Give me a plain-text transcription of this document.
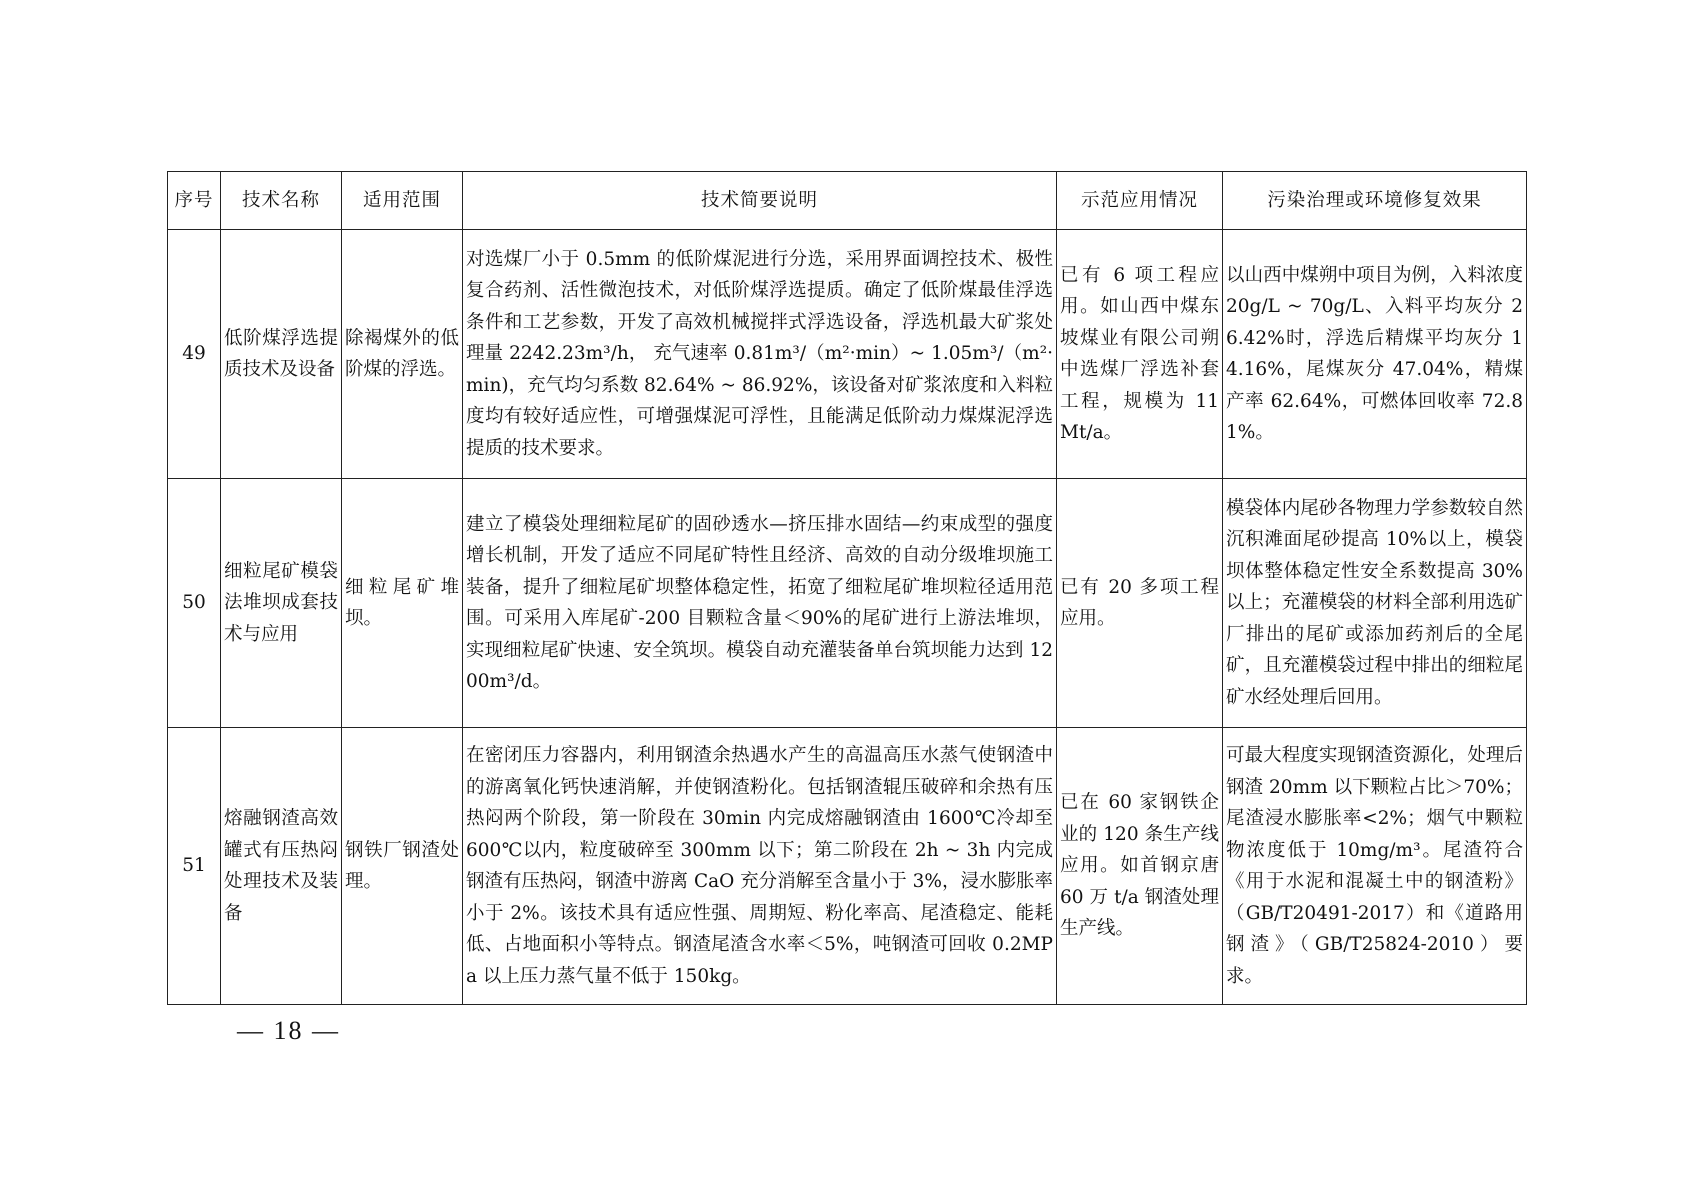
序号	技术名称	适用范围	技术简要说明	示范应用情况	污染治理或环境修复效果
49	低阶煤浮选提质技术及设备	除褐煤外的低阶煤的浮选。	对选煤厂小于 0.5mm 的低阶煤泥进行分选，采用界面调控技术、极性复合药剂、活性微泡技术，对低阶煤浮选提质。确定了低阶煤最佳浮选条件和工艺参数，开发了高效机械搅拌式浮选设备，浮选机最大矿浆处理量 2242.23m³/h， 充气速率 0.81m³/（m²·min）~ 1.05m³/（m²·min)，充气均匀系数 82.64% ~ 86.92%，该设备对矿浆浓度和入料粒度均有较好适应性，可增强煤泥可浮性，且能满足低阶动力煤煤泥浮选提质的技术要求。	已有 6 项工程应用。如山西中煤东坡煤业有限公司朔中选煤厂浮选补套工程，规模为 11Mt/a。	以山西中煤朔中项目为例，入料浓度 20g/L ~ 70g/L、入料平均灰分 26.42%时，浮选后精煤平均灰分 14.16%，尾煤灰分 47.04%，精煤产率 62.64%，可燃体回收率 72.81%。
50	细粒尾矿模袋法堆坝成套技术与应用	细粒尾矿堆坝。	建立了模袋处理细粒尾矿的固砂透水—挤压排水固结—约束成型的强度增长机制，开发了适应不同尾矿特性且经济、高效的自动分级堆坝施工装备，提升了细粒尾矿坝整体稳定性，拓宽了细粒尾矿堆坝粒径适用范围。可采用入库尾矿-200 目颗粒含量＜90%的尾矿进行上游法堆坝，实现细粒尾矿快速、安全筑坝。模袋自动充灌装备单台筑坝能力达到 1200m³/d。	已有 20 多项工程应用。	模袋体内尾砂各物理力学参数较自然沉积滩面尾砂提高 10%以上，模袋坝体整体稳定性安全系数提高 30%以上；充灌模袋的材料全部利用选矿厂排出的尾矿或添加药剂后的全尾矿，且充灌模袋过程中排出的细粒尾矿水经处理后回用。
51	熔融钢渣高效罐式有压热闷处理技术及装备	钢铁厂钢渣处理。	在密闭压力容器内，利用钢渣余热遇水产生的高温高压水蒸气使钢渣中的游离氧化钙快速消解，并使钢渣粉化。包括钢渣辊压破碎和余热有压热闷两个阶段，第一阶段在 30min 内完成熔融钢渣由 1600℃冷却至 600℃以内，粒度破碎至 300mm 以下；第二阶段在 2h ~ 3h 内完成钢渣有压热闷，钢渣中游离 CaO 充分消解至含量小于 3%，浸水膨胀率小于 2%。该技术具有适应性强、周期短、粉化率高、尾渣稳定、能耗低、占地面积小等特点。钢渣尾渣含水率＜5%，吨钢渣可回收 0.2MPa 以上压力蒸气量不低于 150kg。	已在 60 家钢铁企业的 120 条生产线应用。如首钢京唐 60 万 t/a 钢渣处理生产线。	可最大程度实现钢渣资源化，处理后钢渣 20mm 以下颗粒占比＞70%；尾渣浸水膨胀率<2%；烟气中颗粒物浓度低于 10mg/m³。尾渣符合《用于水泥和混凝土中的钢渣粉》（GB/T20491-2017）和《道路用钢渣》（GB/T25824-2010）要求。
— 18 —
